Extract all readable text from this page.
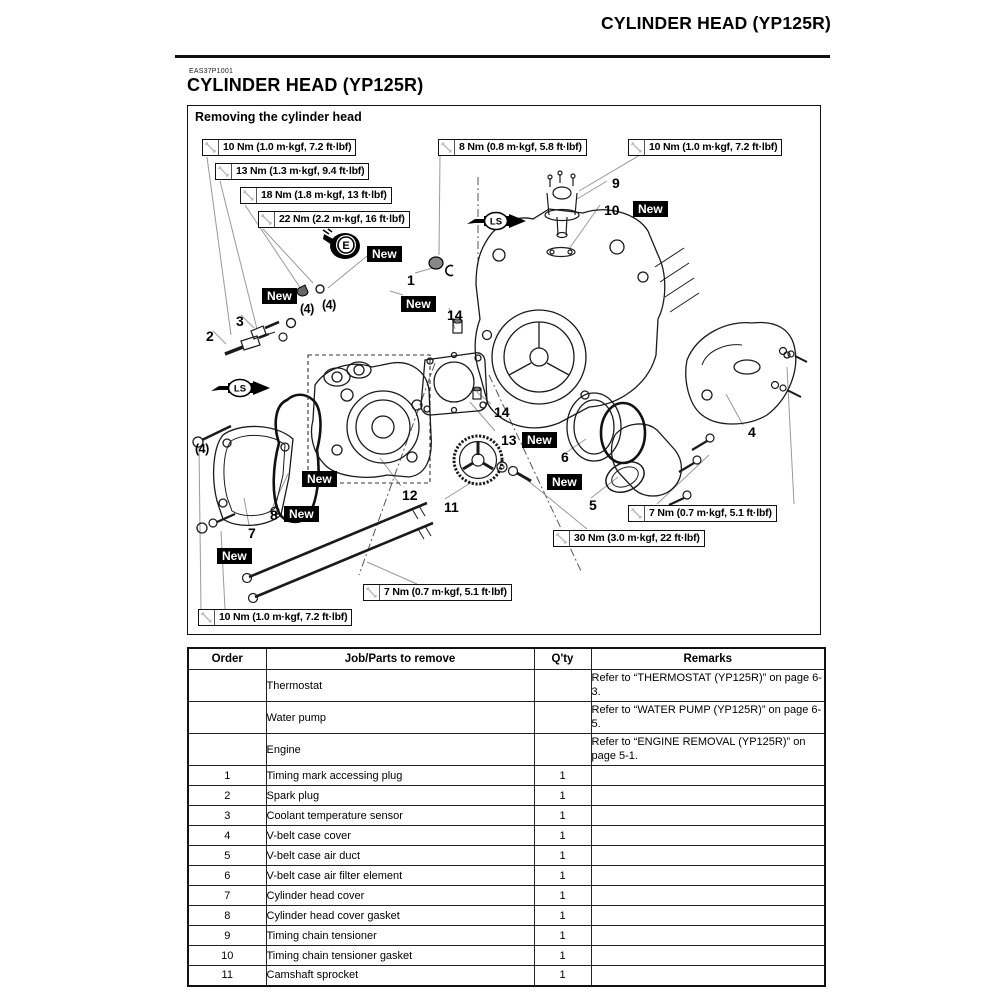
CYLINDER HEAD (YP125R)
EAS37P1001
CYLINDER HEAD (YP125R)
Removing the cylinder head
10 Nm (1.0 m·kgf, 7.2 ft·lbf)
13 Nm (1.3 m·kgf, 9.4 ft·lbf)
18 Nm (1.8 m·kgf, 13 ft·lbf)
22 Nm (2.2 m·kgf, 16 ft·lbf)
8 Nm (0.8 m·kgf, 5.8 ft·lbf)	10 Nm (1.0 m·kgf, 7.2 ft·lbf)
7 Nm (0.7 m·kgf, 5.1 ft·lbf)
30 Nm (3.0 m·kgf, 22 ft·lbf)
7 Nm (0.7 m·kgf, 5.1 ft·lbf)
10 Nm (1.0 m·kgf, 7.2 ft·lbf)
1
2
3
4
5
6
7
8
9
10
11
12
13
14
14
New
New
New
New
New
New
New
New
New
(4) (4)
(4)
E
LS
LS
Order	Job/Parts to remove	Q'ty	Remarks
	Thermostat		Refer to “THERMOSTAT (YP125R)” on page 6-3.
	Water pump		Refer to “WATER PUMP (YP125R)” on page 6-5.
	Engine		Refer to “ENGINE REMOVAL (YP125R)” on page 5-1.
1	Timing mark accessing plug	1	
2	Spark plug	1	
3	Coolant temperature sensor	1	
4	V-belt case cover	1	
5	V-belt case air duct	1	
6	V-belt case air filter element	1	
7	Cylinder head cover	1	
8	Cylinder head cover gasket	1	
9	Timing chain tensioner	1	
10	Timing chain tensioner gasket	1	
11	Camshaft sprocket	1	
